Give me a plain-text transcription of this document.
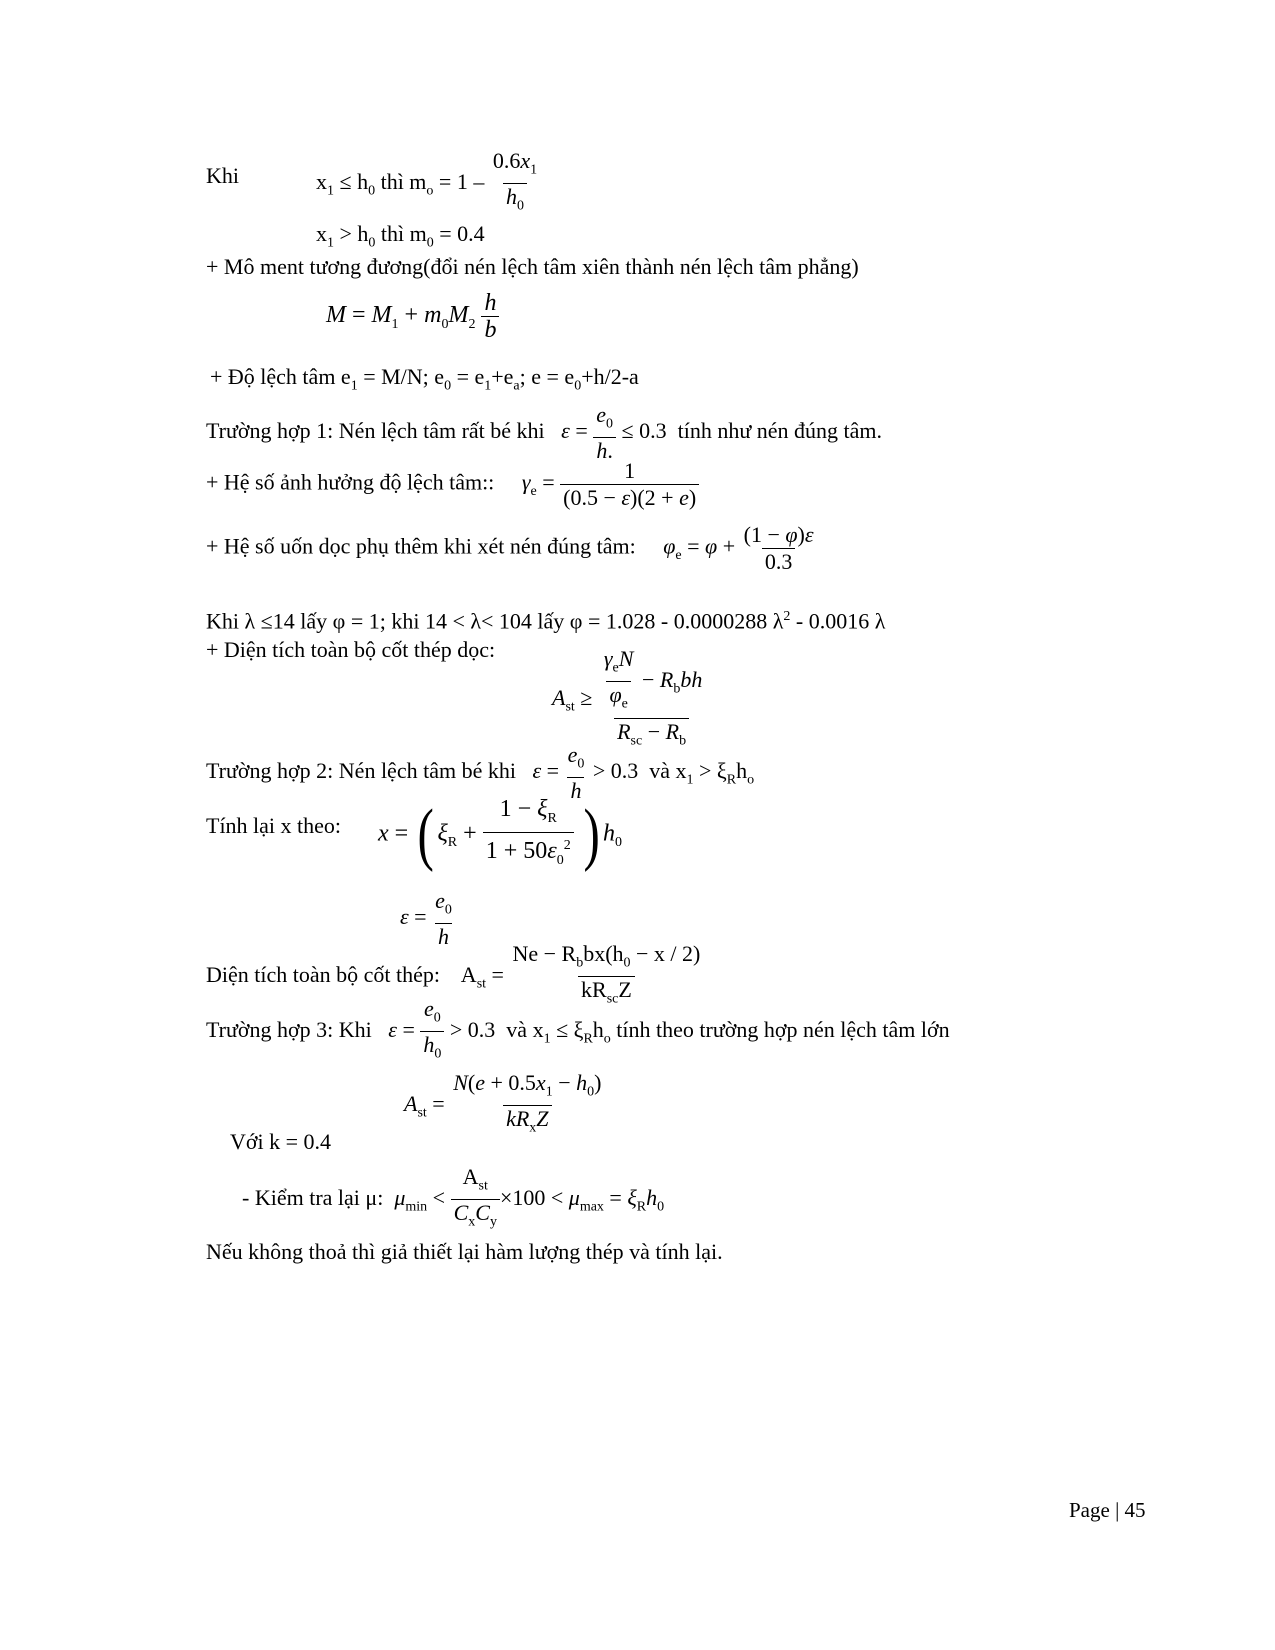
Khi	$x_1 \le h_0$ thì $m_o = 1 - \frac{0.6x_1}{h_0}$
$x_1 > h_0$ thì $m_0 = 0.4$
+ Mô ment tương đương(đổi nén lệch tâm xiên thành nén lệch tâm phẳng)
$M = M_1 + m_0M_2 \frac{h}{b}$
+ Độ lệch tâm $e_1 = M/N$; $e_0 = e_1+e_a$; $e = e_0+h/2-a$
Trường hợp 1: Nén lệch tâm rất bé khi $\varepsilon = \frac{e_0}{h.} \le 0.3$  tính như nén đúng tâm.
+ Hệ số ảnh hưởng độ lệch tâm:: $\gamma_e = \frac{1}{(0.5 - \varepsilon)(2 + e)}$
+ Hệ số uốn dọc phụ thêm khi xét nén đúng tâm: $\varphi_e = \varphi + \frac{(1 - \varphi)\varepsilon}{0.3}$
Khi λ ≤14 lấy φ = 1; khi 14 < λ< 104 lấy φ = 1.028 - 0.0000288 $\lambda^2 - 0.0016$ λ
+ Diện tích toàn bộ cốt thép dọc:
$A_{st}$ ≥
$\gamma_eN$
$\varphi_e$
− $R_bbh$
$R_{sc} - R_b$
Trường hợp 2: Nén lệch tâm bé khi $\varepsilon = \frac{e_0}{h} > 0.3$  và $x_1 > \xi_Rh_o$
Tính lại x theo: x = ( $\xi_R + \frac{1 - \xi_R}{1 + 50\varepsilon_0^2}$ ) $h_0$
$\varepsilon = \frac{e_0}{h}$
Diện tích toàn bộ cốt thép:    $A_{st}$ =
$Ne - R_bbx(h_0 - x / 2)$
$kR_{sc}Z$
Trường hợp 3: Khi $\varepsilon = \frac{e_0}{h_0} > 0.3$  và $x_1 \le \xi_Rh_o$ tính theo trường hợp nén lệch tâm lớn
$A_{st}$ =
$N(e + 0.5x_1 - h_0)$
$kR_xZ$
Với k = 0.4
- Kiểm tra lại μ: $\mu_{min}$ <
$A_{st}$
$C_xC_y$
$\times 100 < \mu_{max} = \xi_Rh_0$
Nếu không thoả thì giả thiết lại hàm lượng thép và tính lại.
Page | 45
